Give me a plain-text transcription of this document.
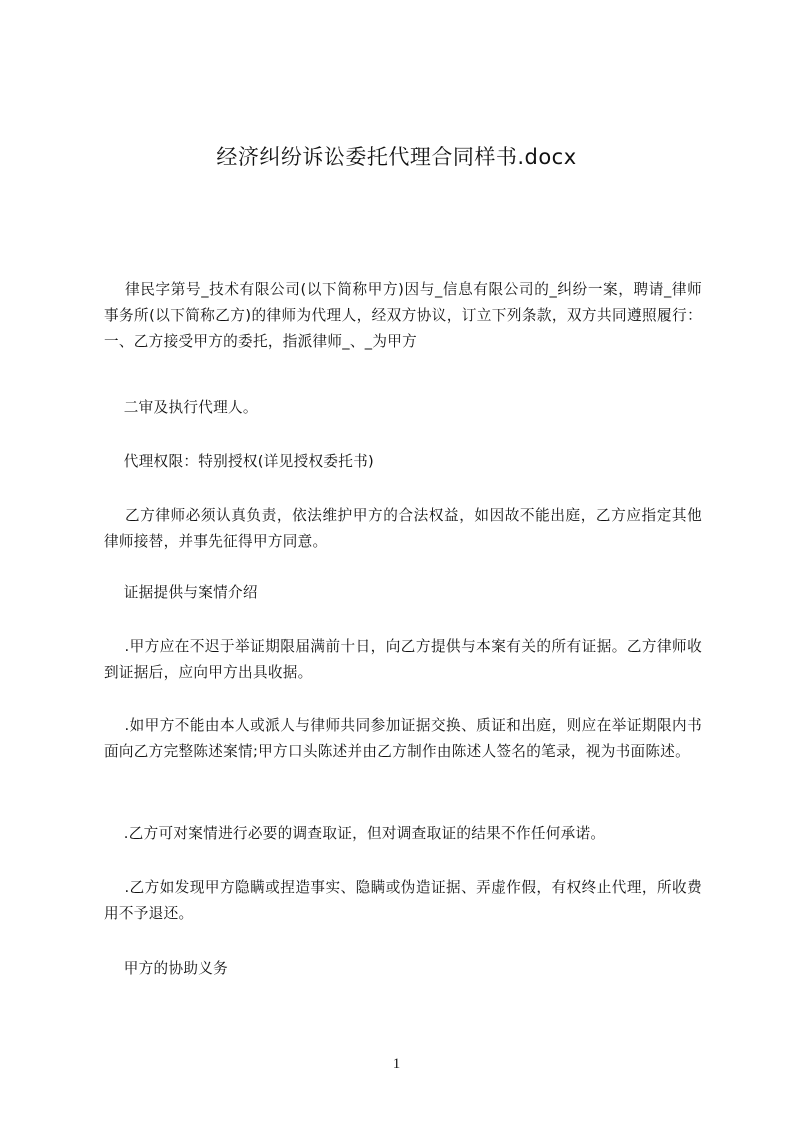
经济纠纷诉讼委托代理合同样书.docx

律民字第号_技术有限公司(以下简称甲方)因与_信息有限公司的_纠纷一案，聘请_律师事务所(以下简称乙方)的律师为代理人，经双方协议，订立下列条款，双方共同遵照履行：一、乙方接受甲方的委托，指派律师_、_为甲方

二审及执行代理人。

代理权限：特别授权(详见授权委托书)

乙方律师必须认真负责，依法维护甲方的合法权益，如因故不能出庭，乙方应指定其他律师接替，并事先征得甲方同意。

证据提供与案情介绍

.甲方应在不迟于举证期限届满前十日，向乙方提供与本案有关的所有证据。乙方律师收到证据后，应向甲方出具收据。

.如甲方不能由本人或派人与律师共同参加证据交换、质证和出庭，则应在举证期限内书面向乙方完整陈述案情;甲方口头陈述并由乙方制作由陈述人签名的笔录，视为书面陈述。

.乙方可对案情进行必要的调查取证，但对调查取证的结果不作任何承诺。

.乙方如发现甲方隐瞒或捏造事实、隐瞒或伪造证据、弄虚作假，有权终止代理，所收费用不予退还。

甲方的协助义务

1
